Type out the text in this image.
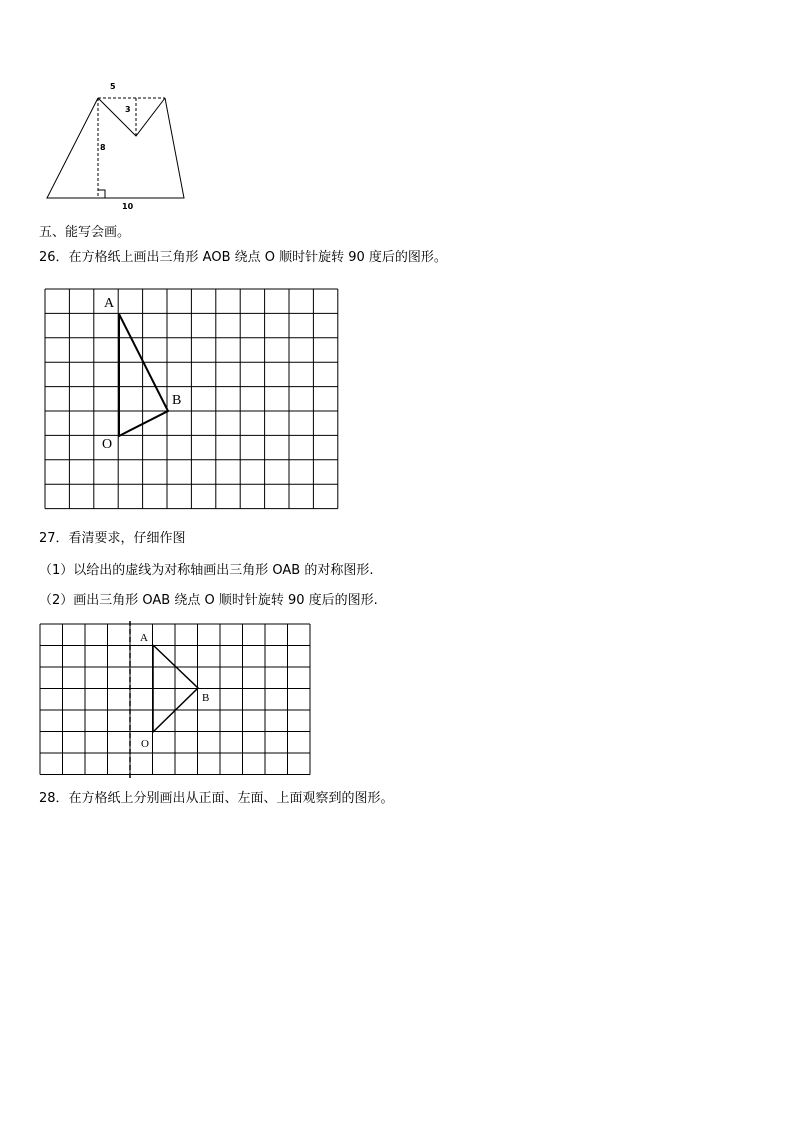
5
3
8
10
五、能写会画。
26．在方格纸上画出三角形 AOB 绕点 O 顺时针旋转 90 度后的图形。
A
B
O
27．看清要求，仔细作图
（1）以给出的虚线为对称轴画出三角形 OAB 的对称图形.
（2）画出三角形 OAB 绕点 O 顺时针旋转 90 度后的图形.
A
B
O
28．在方格纸上分别画出从正面、左面、上面观察到的图形。
